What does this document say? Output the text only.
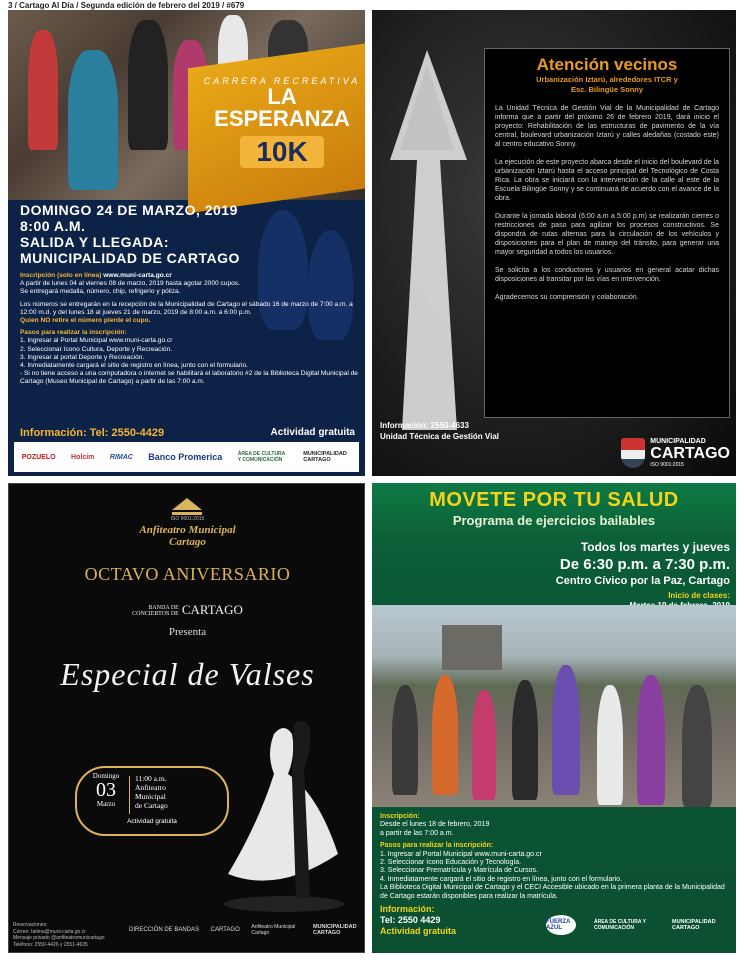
3 / Cartago Al Día / Segunda edición de febrero del 2019 / #679
CARRERA RECREATIVA
LA ESPERANZA
10K
DOMINGO 24 DE MARZO, 2019
8:00 A.M.
SALIDA Y LLEGADA:
MUNICIPALIDAD DE CARTAGO
Inscripción (solo en línea) www.muni-carta.go.cr
A partir de lunes 04 al viernes 08 de marzo, 2019 hasta agotar 2000 cupos.
Se entregará medalla, número, chip, refrigerio y póliza.
Los números se entregarán en la recepción de la Municipalidad de Cartago el sábado 16 de marzo de 7:00 a.m. a 12:00 m.d. y del lunes 18 al jueves 21 de marzo, 2019 de 8:00 a.m. a 6:00 p.m.
Quien NO retire el número pierde el cupo.
Pasos para realizar la inscripción:
1. Ingresar al Portal Municipal www.muni-carta.go.cr
2. Seleccionar ícono Cultura, Deporte y Recreación.
3. Ingresar al portal Deporte y Recreación.
4. Inmediatamente cargará el sitio de registro en línea, junto con el formulario.
- Si no tiene acceso a una computadora o internet se habilitará el laboratorio #2 de la Biblioteca Digital Municipal de Cartago (Museo Municipal de Cartago) a partir de las 7:00 a.m.
Información: Tel: 2550-4429	Actividad gratuita
POZUELO Holcim RIMAC Banco Promerica	ÁREA DE CULTURA Y COMUNICACIÓN
MUNICIPALIDAD CARTAGO
Atención vecinos
Urbanización Iztarú, alrededores ITCR y
Esc. Bilingüe Sonny

La Unidad Técnica de Gestión Vial de la Municipalidad de Cartago informa que a partir del próximo 26 de febrero 2019, dará inicio el proyecto: Rehabilitación de las estructuras de pavimento de la vía central, boulevard urbanización Iztarú y calles aledañas (costado este) al centro educativo Sonny.

La ejecución de este proyecto abarca desde el inicio del boulevard de la urbanización Iztarú hasta el acceso principal del Tecnológico de Costa Rica. La obra se iniciará con la intervención de la calle al este de la Escuela Bilingüe Sonny y se continuará de acuerdo con el avance de la obra.

Durante la jornada laboral (6:00 a.m a 5:00 p.m) se realizarán cierres o restricciones de paso para agilizar los procesos constructivos. Se dispondrá de rutas alternas para la circulación de los vehículos y disposiciones para el plan de manejo del tránsito, para generar una mayor seguridad a todos los usuarios.

Se solicita a los conductores y usuarios en general acatar dichas disposiciones al transitar por las vías en intervención.

Agradecemos su comprensión y colaboración.

Información: 2550-4633
Unidad Técnica de Gestión Vial
MUNICIPALIDAD
CARTAGO
ISO 9001:2015
ISO 9001:2015
Anfiteatro Municipal
Cartago
OCTAVO ANIVERSARIO
BANDA DE
CONCIERTOS DE CARTAGO
Presenta
Especial de Valses
Domingo
03
Marzo
11:00 a.m.
Anfiteatro
Municipal
de Cartago
Actividad gratuita
Reservaciones:
Correo: fatima@muni-carta.go.cr
Mensaje privado @anfiteatromunicartago
Teléfono: 2550-4426 y 2551-4635
DIRECCIÓN DE BANDAS CARTAGO Anfiteatro Municipal Cartago
MUNICIPALIDAD CARTAGO
MOVETE POR TU SALUD
Programa de ejercicios bailables
Todos los martes y jueves
De 6:30 p.m. a 7:30 p.m.
Centro Cívico por la Paz, Cartago
Inicio de clases:
Inscripción:
Desde el lunes 18 de febrero, 2019
a partir de las 7:00 a.m.
Pasos para realizar la inscripción:
1. Ingresar al Portal Municipal www.muni-carta.go.cr
2. Seleccionar ícono Educación y Tecnología.
3. Seleccionar Prematrícula y Matrícula de Cursos.
4. Inmediatamente cargará el sitio de registro en línea, junto con el formulario.
La Biblioteca Digital Municipal de Cartago y el CECI Accesible ubicado en la primera planta de la Municipalidad de Cartago estarán disponibles para realizar la matrícula.
Información:
Tel: 2550 4429
Actividad gratuita
FUERZA AZUL
ÁREA DE CULTURA Y COMUNICACIÓN
MUNICIPALIDAD CARTAGO
